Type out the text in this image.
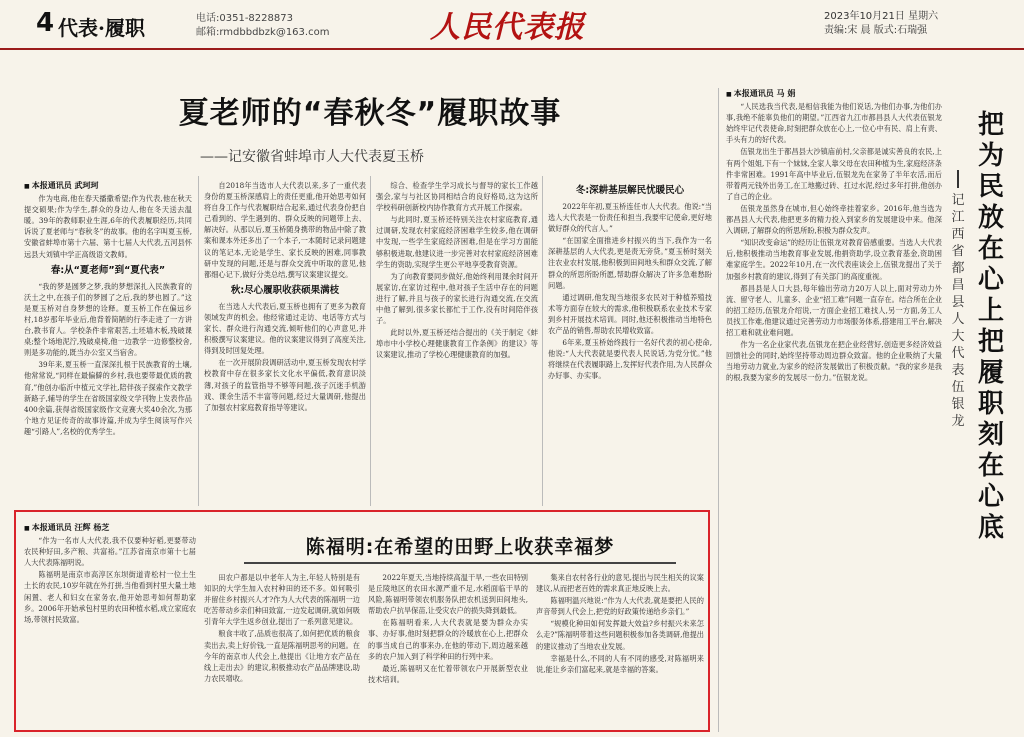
4 代表·履职	电话:0351-8228873
邮箱:rmdbbdbzk@163.com	人民代表报	2023年10月21日 星期六
责编:宋 晨 版式:石瑞强
夏老师的“春秋冬”履职故事
——记安徽省蚌埠市人大代表夏玉桥

■ 本报通讯员 武珂珂

作为电商,他在春天播撒希望;作为代表,他在秋天提交硕果;作为学生,群众的身边人,他在冬天送去温暖。39年的教师职业生涯,6年的代表履职经历,共同诉说了夏老师与“春秋冬”的故事。他的名字叫夏玉桥,安徽省蚌埠市第十六届、第十七届人大代表,五河县怀远县大刘镇中学正高级语文教师。

春:从“夏老师”到“夏代表”

“我的梦是圆梦之梦,我的梦想深扎入民族教育的沃土之中,在孩子们的梦圆了之后,我的梦也圆了。”这是夏玉桥对自身梦想的诠释。夏玉桥工作在偏远乡村,18岁那年毕业后,他背着简陋的行李走进了一方讲台,教书育人。学校条件非常艰苦,土坯墙木板,残破课桌;整个场地泥泞,残破桌椅,他一边教学一边修整校舍,则是多功能的,既当办公室又当宿舍。

39年来,夏玉桥一直深深扎根于民族教育的土壤,他常常说,“同样在最偏僻的乡村,我也要带最优质的教育,”他创办临沂中植元文学社,陪伴孩子探索作文教学新路子,辅导的学生在省级国家级文学刊物上发表作品400余篇,获得省级国家级作文竞赛大奖40余次,为那个地方见证传奇的故事诗篇,并成为学生阅读写作兴趣“引路人”,名校的优秀学生。

自2018年当选市人大代表以来,多了一重代表身份的夏玉桥深感肩上的责任更重,他开始思考如何将自身工作与代表履职结合起来,通过代表身份把自己看到的、学生遇到的、群众反映的问题带上去、解决好。从那以后,夏玉桥随身携带的物品中除了教案和课本外还多出了一个本子,一本随时记录问题建议的笔记本,无论是学生、家长反映的困难,同事教研中发现的问题,还是与群众交流中听取的意见,他都细心记下,做好分类总结,撰写议案建议提交。

秋:尽心履职收获硕果满枝

在当选人大代表后,夏玉桥也拥有了更多为教育领域发声的机会。他经常通过走访、电话等方式与家长、群众进行沟通交流,倾听他们的心声意见,并积极撰写议案建议。他的议案建议得到了高度关注,得到及时回复处理。

在一次开展阶段调研活动中,夏玉桥发现农村学校教育中存在很多家长文化水平偏低,教育意识淡薄,对孩子的监管指导不够等问题,孩子沉迷手机游戏、课余生活不丰富等问题,经过大量调研,他提出了加强农村家庭教育指导等建议。

综合、检查学生学习成长与督导的家长工作越强会,家与与社区协同相结合的良好格局,这为这所学校科研创新校内协作教育方式开展工作探索。

与此同时,夏玉桥还特别关注农村家庭教育,通过调研,发现农村家庭经济困难学生较多,他在调研中发现,一些学生家庭经济困难,但是在学习方面能够积极进取,他建议进一步完善对农村家庭经济困难学生的资助,实现学生更公平地享受教育资源。

为了向教育要同步做好,他始终利用课余时间开展家访,在家访过程中,他对孩子生活中存在的问题进行了解,并且与孩子的家长进行沟通交流,在交流中他了解到,很多家长都忙于工作,没有时间陪伴孩子。

此时以外,夏玉桥还结合提出的《关于制定《蚌埠市中小学校心理健康教育工作条例》的建议》等议案建议,推动了学校心理健康教育的加强。

冬:深耕基层解民忧暖民心

2022年年初,夏玉桥连任市人大代表。他说:“当选人大代表是一份责任和担当,我要牢记使命,更好地做好群众的代言人。”

“在国家全面推进乡村振兴的当下,我作为一名深耕基层的人大代表,更是责无旁贷。”夏玉桥时刻关注农业农村发展,他积极到田间地头和群众交流,了解群众的所思所盼所愿,帮助群众解决了许多急难愁盼问题。

通过调研,他发现当地很多农民对于种植养殖技术等方面存在较大的需求,他积极联系农业技术专家到乡村开展技术培训。同时,他还积极推动当地特色农产品的销售,帮助农民增收致富。

6年来,夏玉桥始终践行一名好代表的初心使命,他说:“人大代表就是要代表人民说话,为党分忧。”他将继续在代表履职路上,发挥好代表作用,为人民群众办好事、办实事。

陈福明:在希望的田野上收获幸福梦

■ 本报通讯员 汪辉 杨芝

“作为一名市人大代表,我不仅要种好稻,更要带动农民种好田,多产粮、共富裕。”江苏省南京市第十七届人大代表陈福明说。

陈福明是南京市高淳区东坝街道青松村一位土生土长的农民,10岁年就在外打拼,当他看到村里大量土地闲置、老人和妇女在家务农,他开始思考如何帮助家乡。2006年开始承包村里的农田种植水稻,成立家庭农场,带领村民致富。

田农户都是以中老年人为主,年轻人特别是有知识的大学生加入农村种田的还不多。如何吸引并留住乡村振兴人才?作为人大代表的陈福明一边吃苦带动乡亲们种田致富,一边发起调研,就如何吸引青年大学生返乡创业,提出了一系列意见建议。

粮食丰收了,品质也很高了,如何把优质的粮食卖出去,卖上好价钱,一直是陈福明思考的问题。在今年的南京市人代会上,他提出《让地方农产品在线上走出去》的建议,积极推动农产品品牌建设,助力农民增收。

2022年夏天,当地持续高温干旱,一些农田特别是丘陵地区的农田水源严重不足,水稻面临干旱的风险,陈福明带领农机服务队把农机送到田间地头,帮助农户抗旱保苗,让受灾农户的损失降到最低。

在陈福明看来,人大代表就是要为群众办实事、办好事,他时刻把群众的冷暖放在心上,把群众的事当成自己的事来办,在他的带动下,周边越来越多的农户加入到了科学种田的行列中来。

最近,陈福明又在忙着带领农户开展新型农业技术培训。

集来自农村各行业的意见,提出与民生相关的议案建议,从而把老百姓的需求真正地反映上去。

陈福明温兴地说:“作为人大代表,就是要把人民的声音带到人代会上,把党的好政策传递给乡亲们。”

“规模化种田如何发挥最大效益?乡村振兴未来怎么走?”陈福明带着这些问题积极参加各类调研,他提出的建议推动了当地农业发展。

幸福是什么,不同的人有不同的感受,对陈福明来说,能让乡亲们富起来,就是幸福的答案。

■ 本报通讯员 马 娟

“人民选我当代表,是相信我能为他们说话,为他们办事,为他们办事,我绝不能辜负他们的期望。”江西省九江市都昌县人大代表伍银龙始终牢记代表使命,时刻把群众放在心上,一位心中有民、肩上有责、手头有力的好代表。

伍银龙出生于都昌县大沙镇庙前村,父亲都是诚实善良的农民,上有两个姐姐,下有一个妹妹,全家人靠父母在农田种植为生,家庭经济条件非常困难。1991年高中毕业后,伍银龙先在家务了半年农活,而后带着两元钱外出务工,在工地搬过砖、扛过水泥,经过多年打拼,他创办了自己的企业。

伍银龙虽然身在城市,但心始终牵挂着家乡。2016年,他当选为都昌县人大代表,他把更多的精力投入到家乡的发展建设中来。他深入调研,了解群众的所思所盼,积极为群众发声。

“知识改变命运”的经历让伍银龙对教育倍感重要。当选人大代表后,他积极推动当地教育事业发展,他捐资助学,设立教育基金,资助困难家庭学生。2022年10月,在一次代表座谈会上,伍银龙提出了关于加强乡村教育的建议,得到了有关部门的高度重视。

都昌县是人口大县,每年输出劳动力20万人以上,面对劳动力外流、留守老人、儿童多、企业“招工难”问题一直存在。结合所在企业的招工经历,伍银龙介绍说,一方面企业招工难找人,另一方面,务工人员找工作难,他建议通过完善劳动力市场服务体系,搭建用工平台,解决招工难和就业难问题。

作为一名企业家代表,伍银龙在把企业经营好,创造更多经济效益回馈社会的同时,始终坚持带动周边群众致富。他的企业吸纳了大量当地劳动力就业,为家乡的经济发展做出了积极贡献。“我的家乡是我的根,我要为家乡的发展尽一份力。”伍银龙说。

把
为
民
放
在
心
上
把
履
职
刻
在
心
底
记
江
西
省
都
昌
县
人
大
代
表
伍
银
龙
